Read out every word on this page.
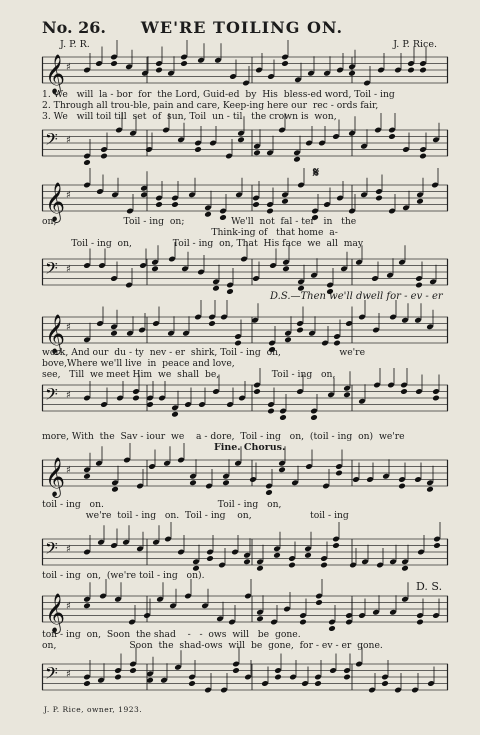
No. 26.	WE'RE TOILING ON.
J. P. R.	J. P. Rice.
𝄞 ♯
1. We   will  la - bor  for  the Lord, Guid-ed  by  His  bless-ed word, Toil - ing
2. Through all trou-ble, pain and care, Keep-ing here our  rec - ords fair,
3. We   will toil till  set  of  sun, Toil  un - til   the crown is  won,
𝄢 ♯
𝄋
𝄞 ♯
on,                       Toil - ing  on;                We'll  not  fal - ter   in   the
Think-ing of   that home  a-
Toil - ing  on,              Toil - ing  on, That  His face  we  all  may
𝄢 ♯
D.S.—Then we'll dwell for - ev - er
𝄞 ♯
work, And our  du - ty  nev - er  shirk, Toil - ing  on,                    we're
bove,Where we'll live  in  peace and love,
see,   Till  we meet Him  we  shall  be,                  Toil - ing   on,
𝄢 ♯
more, With  the  Sav - iour  we    a - dore,  Toil - ing   on,  (toil - ing  on)  we're
Fine. Chorus.
𝄞 ♯
toil - ing   on.                                       Toil - ing   on,
we're  toil - ing   on.  Toil - ing    on,                    toil - ing
𝄢 ♯
toil - ing  on,  (we're toil - ing   on).
D. S.
𝄞 ♯
toil - ing  on,  Soon  the shad    -   -  ows  will   be  gone.
on,                         Soon  the  shad-ows  will  be  gone,  for - ev - er  gone.
𝄢 ♯
J. P. Rice, owner, 1923.
